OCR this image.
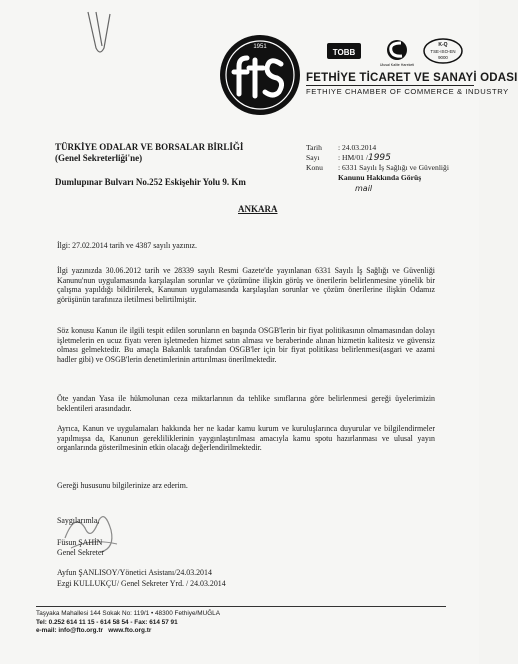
1951
TOBB
Ulusal Kalite Hareketi
K-Q
TSE-ISO-EN
9000
FETHİYE TİCARET VE SANAYİ ODASI
FETHIYE CHAMBER OF COMMERCE & INDUSTRY
TÜRKİYE ODALAR VE BORSALAR BİRLİĞİ
(Genel Sekreterliği'ne)
Dumlupınar Bulvarı No.252 Eskişehir Yolu 9. Km
ANKARA
Tarih	: 24.03.2014
Sayı	: HM/01 / 1995
Konu	: 6331 Sayılı İş Sağlığı ve Güvenliği
Kanunu Hakkında Görüş
mail
İlgi: 27.02.2014 tarih ve 4387 sayılı yazınız.
İlgi yazınızda 30.06.2012 tarih ve 28339 sayılı Resmi Gazete'de yayınlanan 6331 Sayılı İş Sağlığı ve Güvenliği Kanunu'nun uygulamasında karşılaşılan sorunlar ve çözümüne ilişkin görüş ve önerilerin belirlenmesine yönelik bir çalışma yapıldığı bildirilerek, Kanunun uygulamasında karşılaşılan sorunlar ve çözüm önerilerine ilişkin Odamız görüşünün tarafınıza iletilmesi belirtilmiştir.
Söz konusu Kanun ile ilgili tespit edilen sorunların en başında OSGB'lerin bir fiyat politikasının olmamasından dolayı işletmelerin en ucuz fiyatı veren işletmeden hizmet satın alması ve beraberinde alınan hizmetin kalitesiz ve güvensiz olması gelmektedir. Bu amaçla Bakanlık tarafından OSGB'ler için bir fiyat politikası belirlenmesi(asgari ve azami hadler gibi) ve OSGB'lerin denetimlerinin arttırılması önerilmektedir.
Öte yandan Yasa ile hükmolunan ceza miktarlarının da tehlike sınıflarına göre belirlenmesi gereği üyelerimizin beklentileri arasındadır.
Ayrıca, Kanun ve uygulamaları hakkında her ne kadar kamu kurum ve kuruluşlarınca duyurular ve bilgilendirmeler yapılmışsa da, Kanunun gerekliliklerinin yaygınlaştırılması amacıyla kamu spotu hazırlanması ve ulusal yayın organlarında gösterilmesinin etkin olacağı değerlendirilmektedir.
Gereği hususunu bilgilerinize arz ederim.
Saygılarımla,
Füsun ŞAHİN
Genel Sekreter
Ayfun ŞANLISOY/Yönetici Asistanı/24.03.2014
Ezgi KULLUKÇU/ Genel Sekreter Yrd. / 24.03.2014
Taşyaka Mahallesi 144 Sokak No: 119/1 • 48300 Fethiye/MUĞLA
Tel: 0.252 614 11 15 - 614 58 54 - Fax: 614 57 91
e-mail: info@fto.org.tr www.fto.org.tr
